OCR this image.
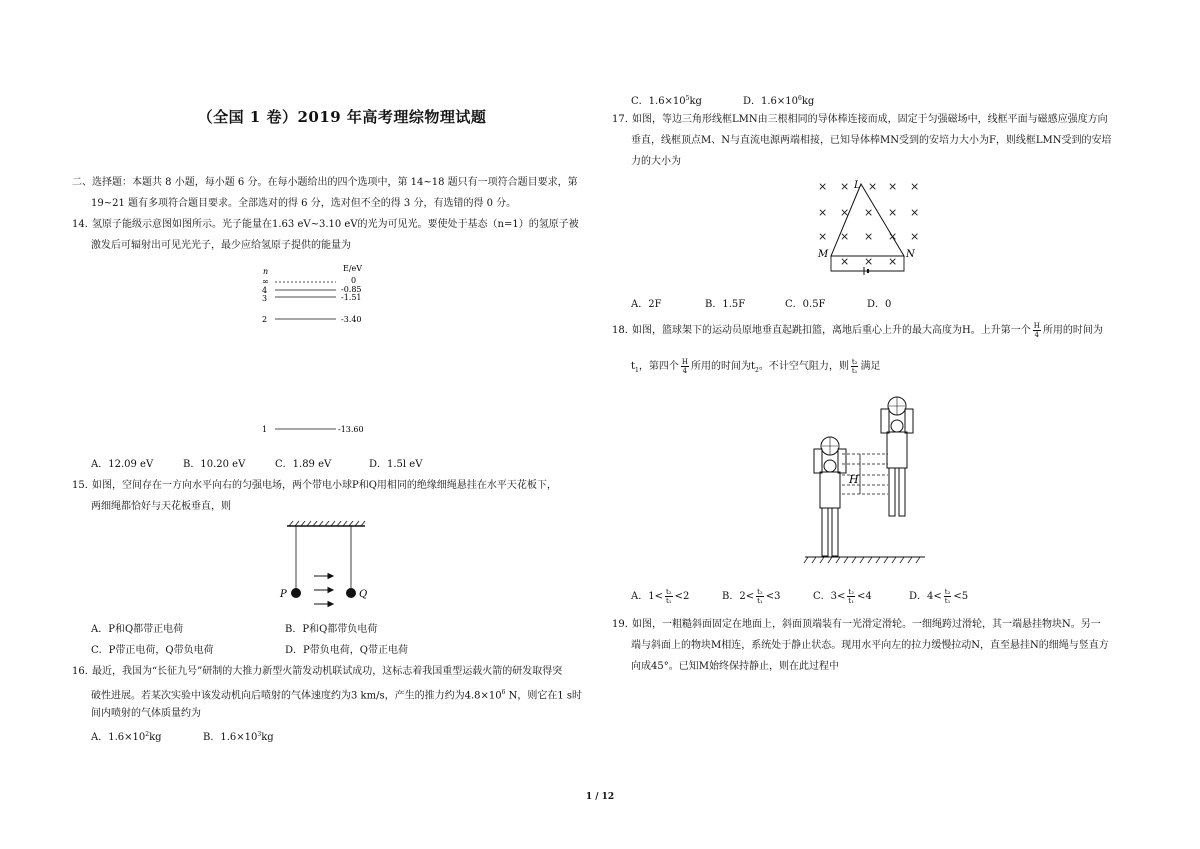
（全国 1 卷）2019 年高考理综物理试题
二、选择题：本题共 8 小题，每小题 6 分。在每小题给出的四个选项中，第 14~18 题只有一项符合题目要求，第
19~21 题有多项符合题目要求。全部选对的得 6 分，选对但不全的得 3 分，有选错的得 0 分。
14．氢原子能级示意图如图所示。光子能量在1.63 eV~3.10 eV的光为可见光。要使处于基态（n=1）的氢原子被
激发后可辐射出可见光光子，最少应给氢原子提供的能量为
n	E/eV
∞	0
4	-0.85
3	-1.51
2	-3.40
1	-13.60
A．12.09 eV	B．10.20 eV	C．1.89 eV	D．1.5l eV
15．如图，空间存在一方向水平向右的匀强电场，两个带电小球P和Q用相同的绝缘细绳悬挂在水平天花板下，
两细绳都恰好与天花板垂直，则
P	Q
A．P和Q都带正电荷	B．P和Q都带负电荷
C．P带正电荷，Q带负电荷	D．P带负电荷，Q带正电荷
16．最近，我国为“长征九号”研制的大推力新型火箭发动机联试成功，这标志着我国重型运载火箭的研发取得突
破性进展。若某次实验中该发动机向后喷射的气体速度约为3 km/s，产生的推力约为$4.8\times 10^6$ N，则它在1 s时
间内喷射的气体质量约为
A．$1.6\times 10^2kg$	B．$1.6\times 10^3kg$
C．$1.6\times 10^5kg$	D．$1.6\times 10^6kg$
17．如图，等边三角形线框LMN由三根相同的导体棒连接而成，固定于匀强磁场中，线框平面与磁感应强度方向
垂直，线框顶点M、N与直流电源两端相接，已知导体棒MN受到的安培力大小为F，则线框LMN受到的安培
力的大小为
× × × × ×
× × × × ×
× × × × ×
× × ×
L
M	N
A．2F	B．1.5F	C．0.5F	D．0
18．如图，篮球架下的运动员原地垂直起跳扣篮，离地后重心上升的最大高度为H。上升第一个 $\frac{H}{4}$ 所用的时间为
$t_1$，第四个 $\frac{H}{4}$ 所用的时间为$t_2$。不计空气阻力，则 $\frac{\text{t₂}}{\text{t₁}}$ 满足
H
A．$1< \frac{\text{t₂}}{\text{t₁}} <2$	B．$2< \frac{\text{t₂}}{\text{t₁}} <3$	C．$3< \frac{\text{t₂}}{\text{t₁}} <4$	D．$4< \frac{\text{t₂}}{\text{t₁}} <5$
19．如图，一粗糙斜面固定在地面上，斜面顶端装有一光滑定滑轮。一细绳跨过滑轮，其一端悬挂物块N。另一
端与斜面上的物块M相连，系统处于静止状态。现用水平向左的拉力缓慢拉动N，直至悬挂N的细绳与竖直方
向成45°。已知M始终保持静止，则在此过程中
1 / 12
